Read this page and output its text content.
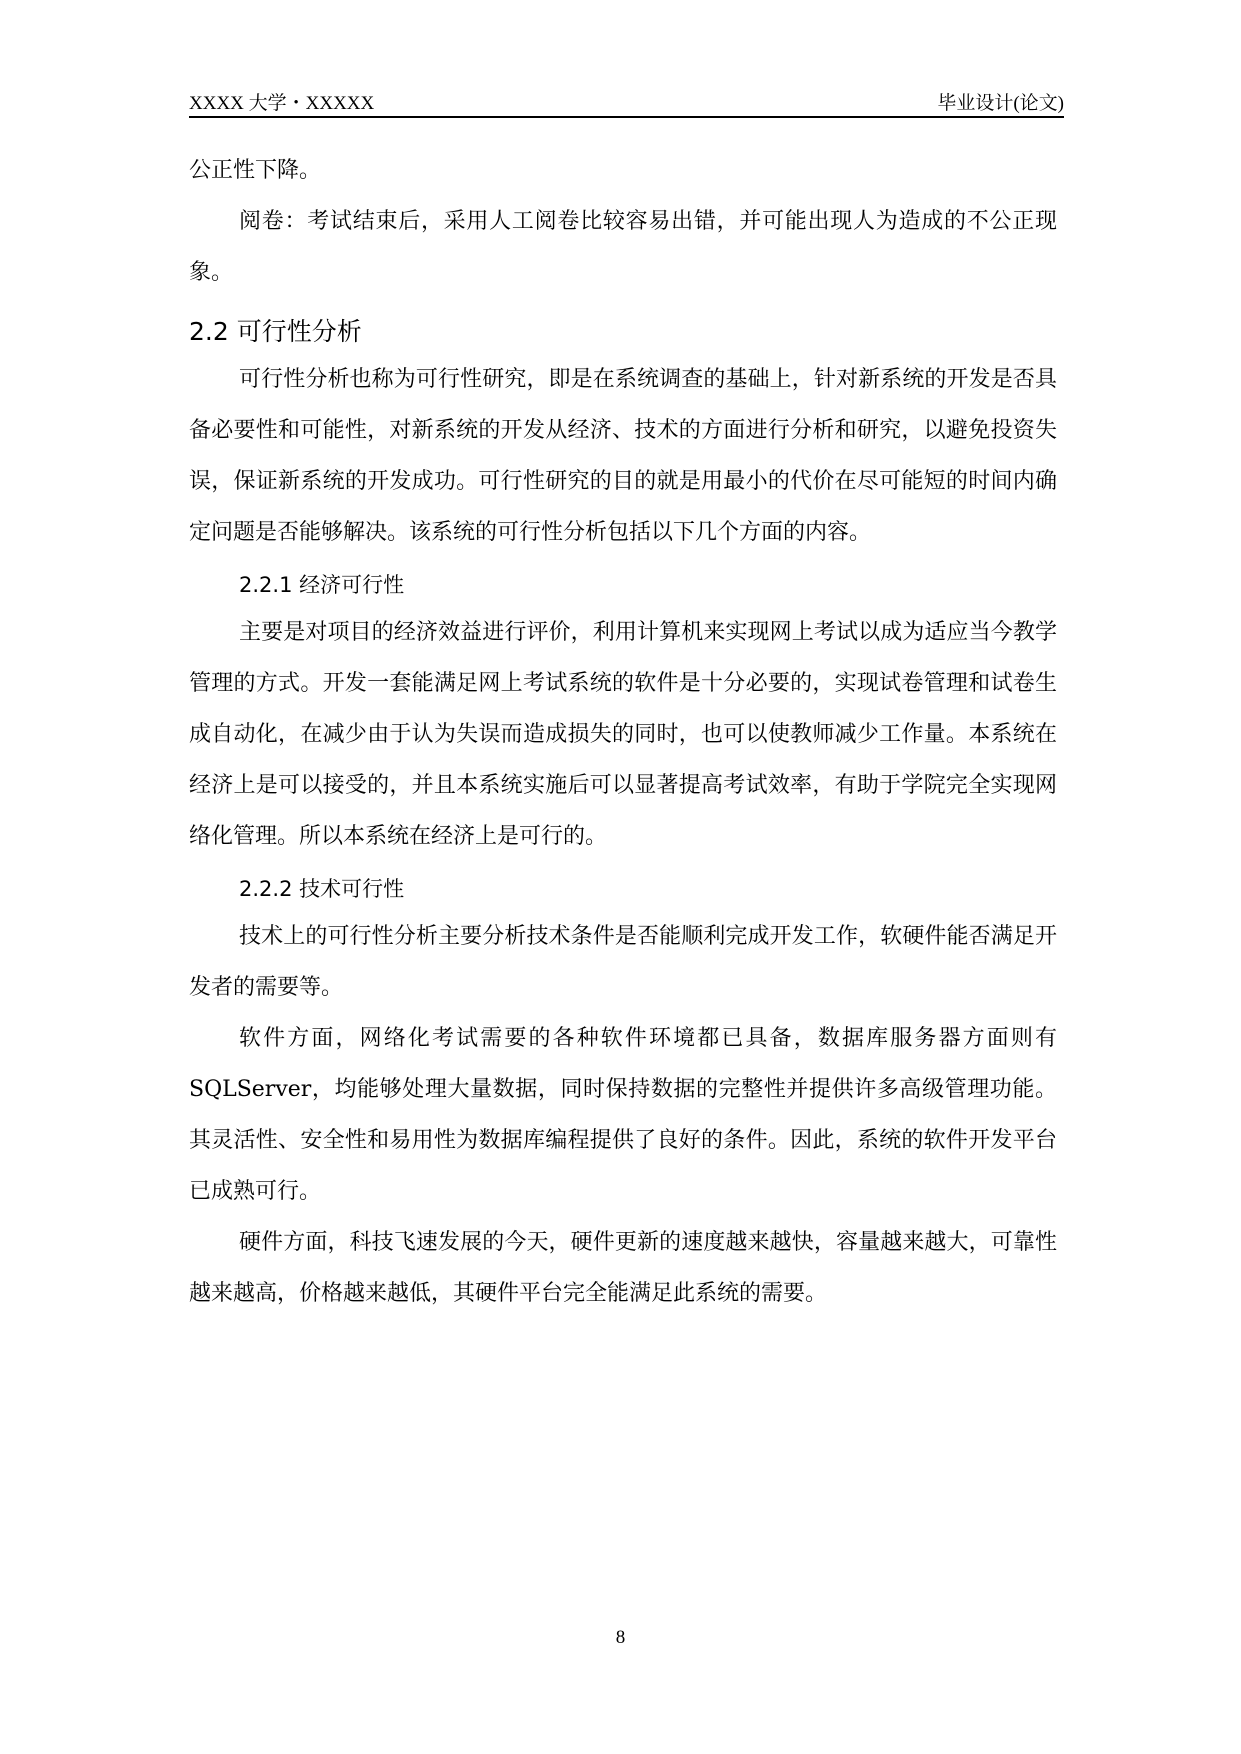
XXXX 大学・XXXXX	毕业设计(论文)

公正性下降。

阅卷：考试结束后，采用人工阅卷比较容易出错，并可能出现人为造成的不公正现象。

2.2 可行性分析

可行性分析也称为可行性研究，即是在系统调查的基础上，针对新系统的开发是否具备必要性和可能性，对新系统的开发从经济、技术的方面进行分析和研究，以避免投资失误，保证新系统的开发成功。可行性研究的目的就是用最小的代价在尽可能短的时间内确定问题是否能够解决。该系统的可行性分析包括以下几个方面的内容。

2.2.1 经济可行性

主要是对项目的经济效益进行评价，利用计算机来实现网上考试以成为适应当今教学管理的方式。开发一套能满足网上考试系统的软件是十分必要的，实现试卷管理和试卷生成自动化，在减少由于认为失误而造成损失的同时，也可以使教师减少工作量。本系统在经济上是可以接受的，并且本系统实施后可以显著提高考试效率，有助于学院完全实现网络化管理。所以本系统在经济上是可行的。

2.2.2 技术可行性

技术上的可行性分析主要分析技术条件是否能顺利完成开发工作，软硬件能否满足开发者的需要等。

软件方面，网络化考试需要的各种软件环境都已具备，数据库服务器方面则有 SQLServer，均能够处理大量数据，同时保持数据的完整性并提供许多高级管理功能。其灵活性、安全性和易用性为数据库编程提供了良好的条件。因此，系统的软件开发平台已成熟可行。

硬件方面，科技飞速发展的今天，硬件更新的速度越来越快，容量越来越大，可靠性越来越高，价格越来越低，其硬件平台完全能满足此系统的需要。

8
